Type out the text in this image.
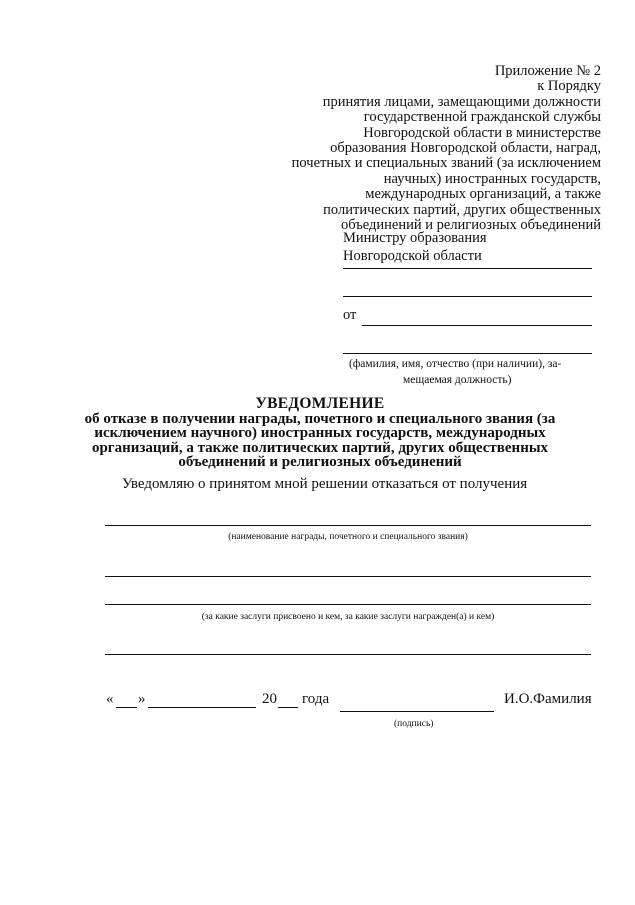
Приложение № 2
к Порядку
принятия лицами, замещающими должности
государственной гражданской службы
Новгородской области в министерстве
образования Новгородской области, наград,
почетных и специальных званий (за исключением
научных) иностранных государств,
международных организаций, а также
политических партий, других общественных
объединений и религиозных объединений
Министру образования
Новгородской области
от
(фамилия, имя, отчество (при наличии), за-
мещаемая должность)
УВЕДОМЛЕНИЕ
об отказе в получении награды, почетного и специального звания (за
исключением научного) иностранных государств, международных
организаций, а также политических партий, других общественных
объединений и религиозных объединений
Уведомляю о принятом мной решении отказаться от получения
(наименование награды, почетного и специального звания)
(за какие заслуги присвоено и кем, за какие заслуги награжден(а) и кем)
« »	20 года	И.О.Фамилия
(подпись)
